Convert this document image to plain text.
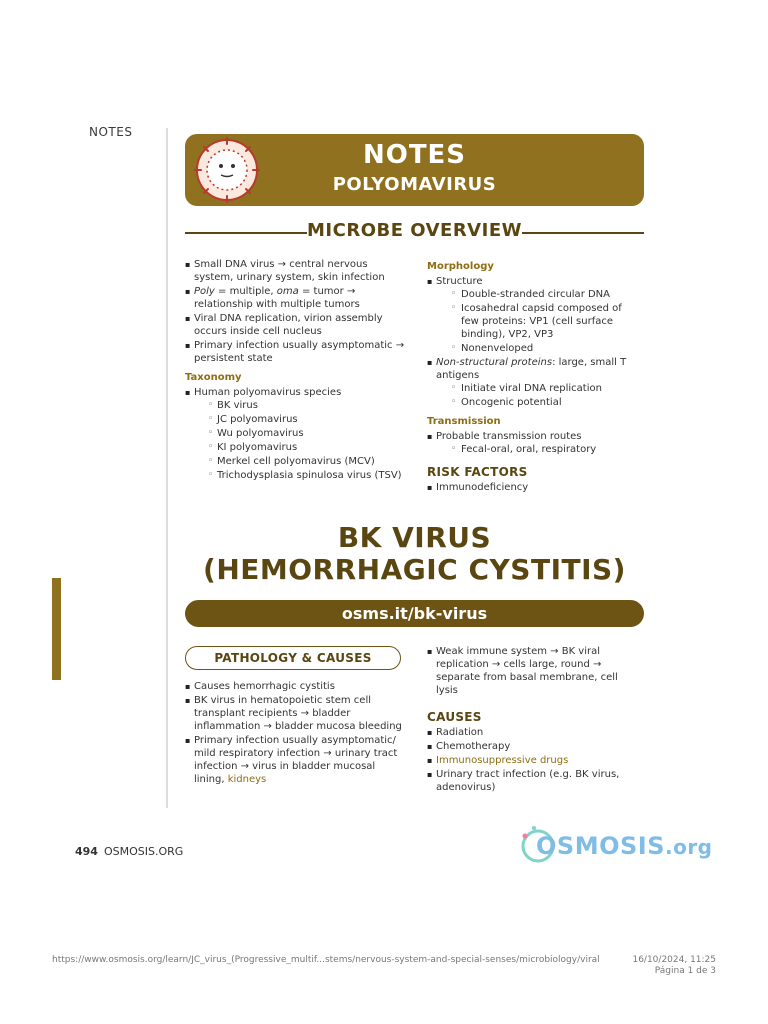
NOTES
NOTES
POLYOMAVIRUS
MICROBE OVERVIEW
▪ Small DNA virus → central nervous system, urinary system, skin infection
▪ Poly = multiple, oma = tumor → relationship with multiple tumors
▪ Viral DNA replication, virion assembly occurs inside cell nucleus
▪ Primary infection usually asymptomatic → persistent state
Taxonomy
▪ Human polyomavirus species
◦ BK virus
◦ JC polyomavirus
◦ Wu polyomavirus
◦ KI polyomavirus
◦ Merkel cell polyomavirus (MCV)
◦ Trichodysplasia spinulosa virus (TSV)
Morphology
▪ Structure
◦ Double-stranded circular DNA
◦ Icosahedral capsid composed of few proteins: VP1 (cell surface binding), VP2, VP3
◦ Nonenveloped
▪ Non-structural proteins: large, small T antigens
◦ Initiate viral DNA replication
◦ Oncogenic potential
Transmission
▪ Probable transmission routes
◦ Fecal-oral, oral, respiratory
RISK FACTORS
▪ Immunodeficiency
BK VIRUS
(HEMORRHAGIC CYSTITIS)
osms.it/bk-virus
PATHOLOGY & CAUSES
▪ Causes hemorrhagic cystitis
▪ BK virus in hematopoietic stem cell transplant recipients → bladder inflammation → bladder mucosa bleeding
▪ Primary infection usually asymptomatic/ mild respiratory infection → urinary tract infection → virus in bladder mucosal lining, kidneys
▪ Weak immune system → BK viral replication → cells large, round → separate from basal membrane, cell lysis
CAUSES
▪ Radiation
▪ Chemotherapy
▪ Immunosuppressive drugs
▪ Urinary tract infection (e.g. BK virus, adenovirus)
494 OSMOSIS.ORG	OSMOSIS.org
https://www.osmosis.org/learn/JC_virus_(Progressive_multif...stems/nervous-system-and-special-senses/microbiology/viral	16/10/2024, 11:25
Página 1 de 3
